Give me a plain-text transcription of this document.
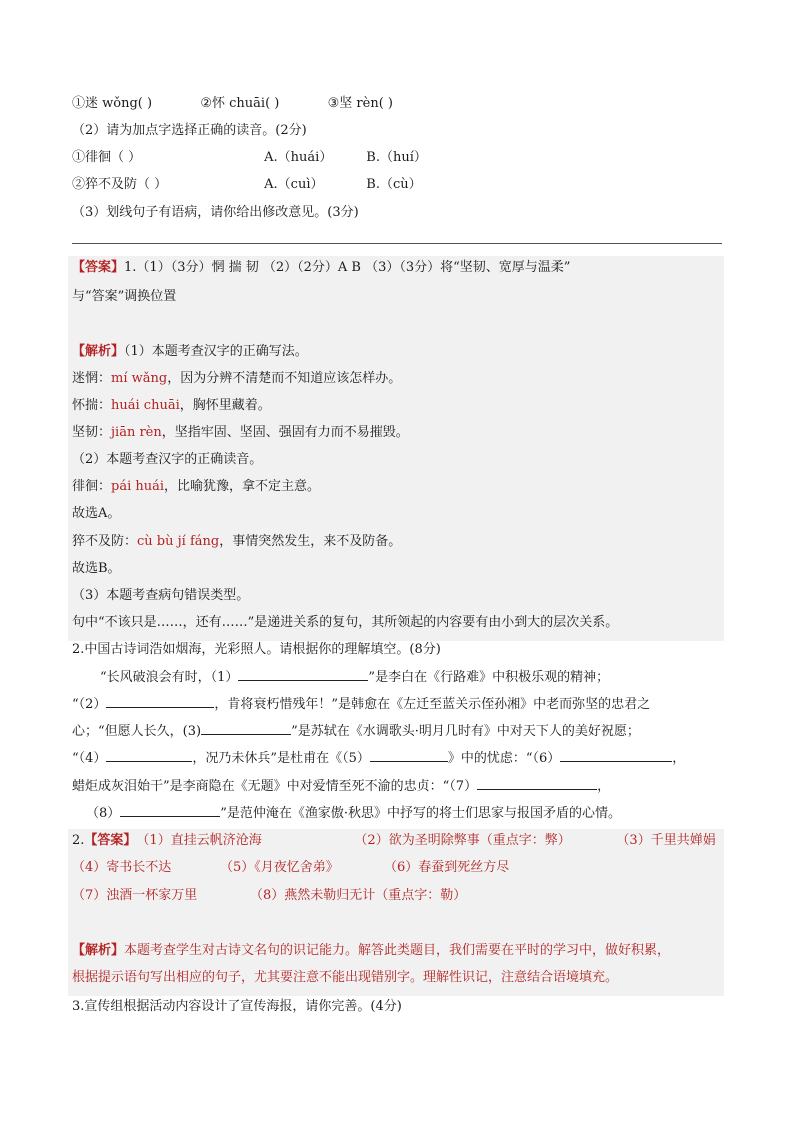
①迷 wǒng( )	②怀 chuāi( )	③坚 rèn( )
（2）请为加点字选择正确的读音。(2分)
①徘徊（ ）	A.（huái）	B.（huí）
②猝不及防（ ）	A.（cuì）	B.（cù）
（3）划线句子有语病，请你给出修改意见。(3分)
【答案】1.（1）（3分）惘 揣 韧 （2）（2分）A B （3）（3分）将“坚韧、宽厚与温柔”
与“答案”调换位置
【解析】（1）本题考查汉字的正确写法。
迷惘：mí wǎng，因为分辨不清楚而不知道应该怎样办。
怀揣：huái chuāi，胸怀里藏着。
坚韧：jiān rèn，坚指牢固、坚固、强固有力而不易摧毁。
（2）本题考查汉字的正确读音。
徘徊：pái huái，比喻犹豫，拿不定主意。
故选A。
猝不及防：cù bù jí fáng，事情突然发生，来不及防备。
故选B。
（3）本题考查病句错误类型。
句中“不该只是……，还有……”是递进关系的复句，其所领起的内容要有由小到大的层次关系。
2.中国古诗词浩如烟海，光彩照人。请根据你的理解填空。(8分)
“长风破浪会有时，（1）	”是李白在《行路难》中积极乐观的精神；
“（2）	，肯将衰朽惜残年！”是韩愈在《左迁至蓝关示侄孙湘》中老而弥坚的忠君之
心；“但愿人长久，(3)	”是苏轼在《水调歌头·明月几时有》中对天下人的美好祝愿；
“（4）	，况乃未休兵”是杜甫在《（5）	》中的忧虑：“（6）	，
蜡炬成灰泪始干”是李商隐在《无题》中对爱情至死不渝的忠贞：“（7）	，
（8）	”是范仲淹在《渔家傲·秋思》中抒写的将士们思家与报国矛盾的心情。
2.【答案】（1）直挂云帆济沧海	（2）欲为圣明除弊事（重点字：弊）	（3）千里共婵娟
（4）寄书长不达	（5）《月夜忆舍弟》	（6）春蚕到死丝方尽
（7）浊酒一杯家万里	（8）燕然未勒归无计（重点字：勒）
【解析】本题考查学生对古诗文名句的识记能力。解答此类题目，我们需要在平时的学习中，做好积累，
根据提示语句写出相应的句子，尤其要注意不能出现错别字。理解性识记，注意结合语境填充。
3.宣传组根据活动内容设计了宣传海报，请你完善。(4分)
